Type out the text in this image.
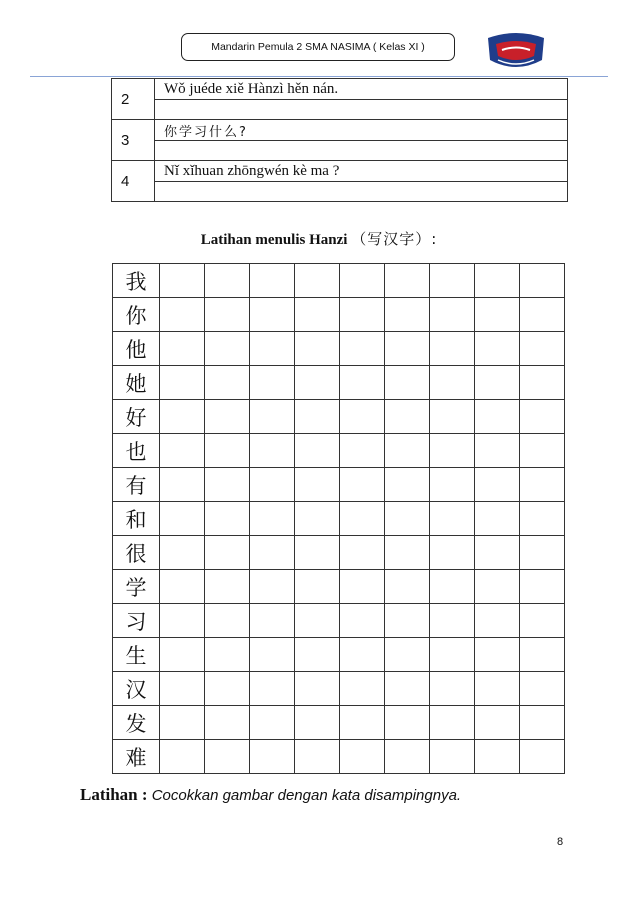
Mandarin Pemula 2 SMA NASIMA ( Kelas XI )
2	Wǒ juéde xiě Hànzì hěn nán.

3	你学习什么?

4	Nǐ xǐhuan zhōngwén kè ma ?

Latihan menulis Hanzi （写汉字）:
我									
你									
他									
她									
好									
也									
有									
和									
很									
学									
习									
生									
汉									
发									
难									
Latihan : Cocokkan gambar dengan kata disampingnya.
8
